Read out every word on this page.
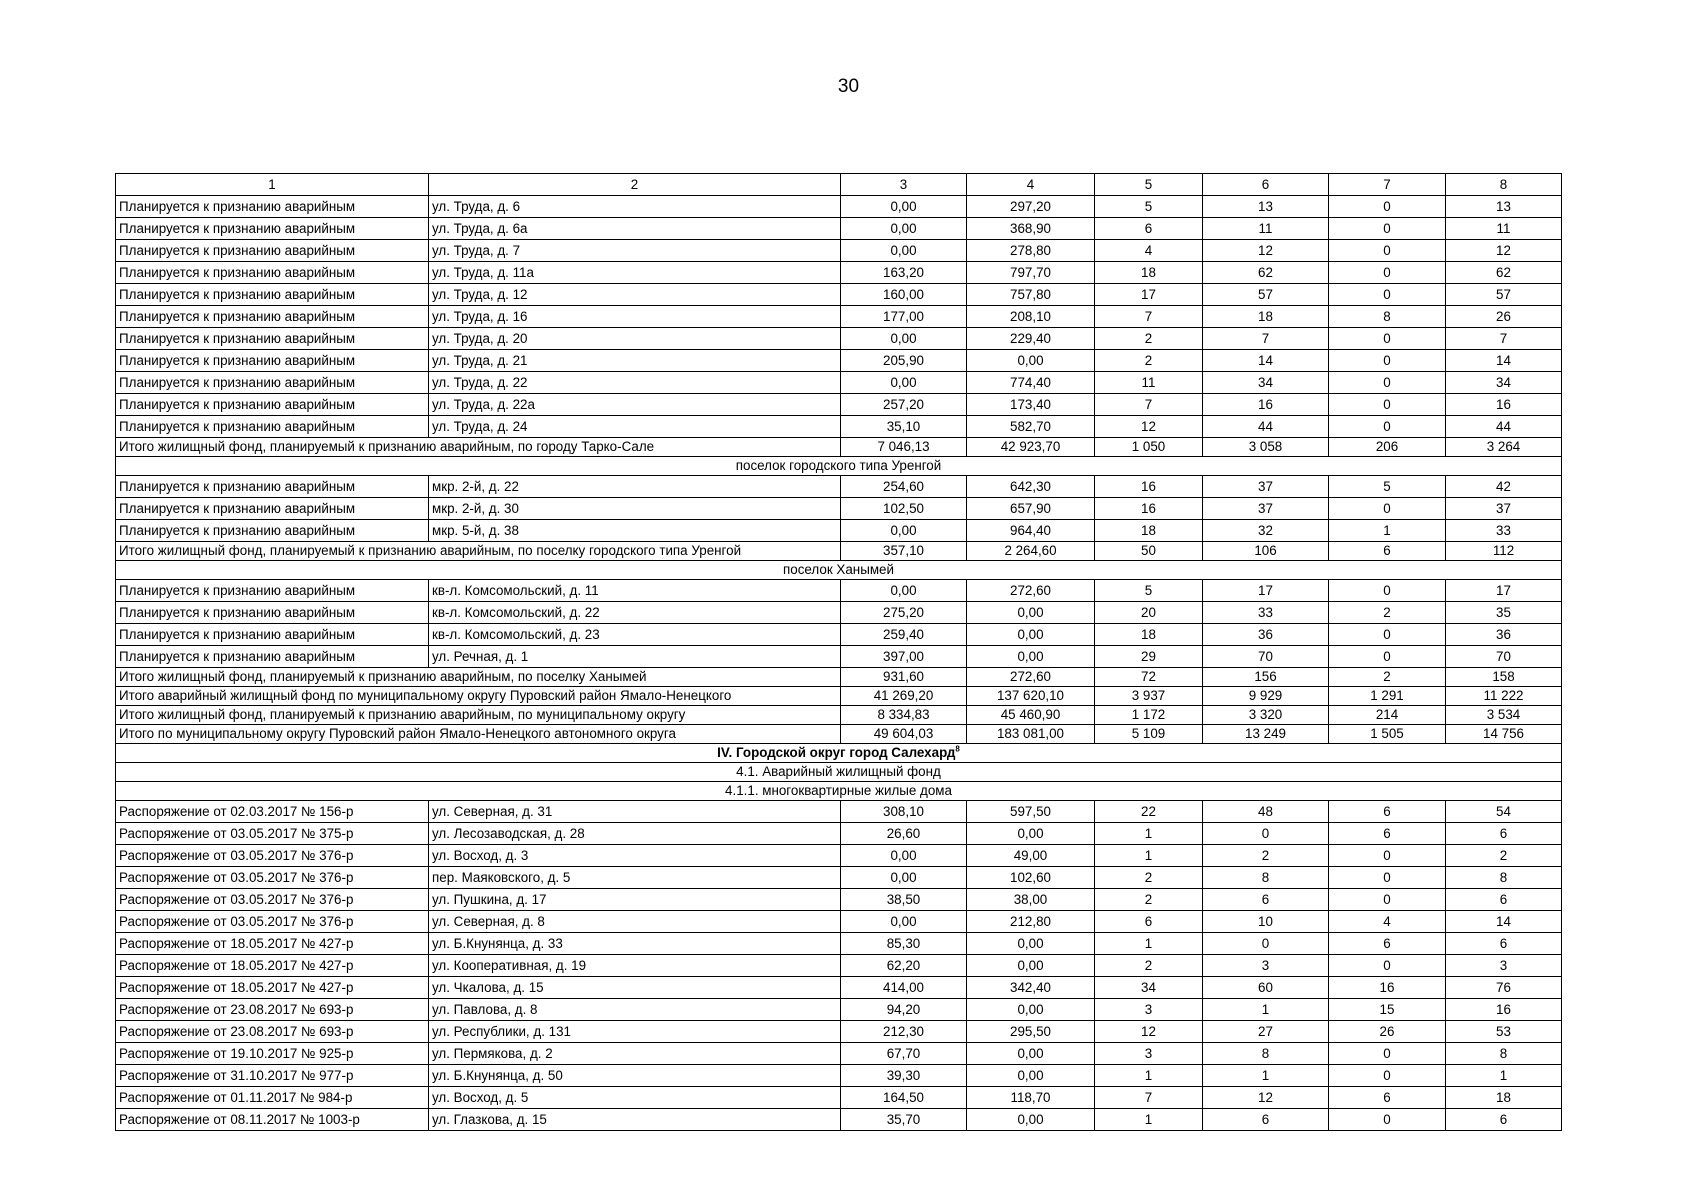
30
1	2	3	4	5	6	7	8
Планируется к признанию аварийным	ул. Труда, д. 6	0,00	297,20	5	13	0	13
Планируется к признанию аварийным	ул. Труда, д. 6а	0,00	368,90	6	11	0	11
Планируется к признанию аварийным	ул. Труда, д. 7	0,00	278,80	4	12	0	12
Планируется к признанию аварийным	ул. Труда, д. 11а	163,20	797,70	18	62	0	62
Планируется к признанию аварийным	ул. Труда, д. 12	160,00	757,80	17	57	0	57
Планируется к признанию аварийным	ул. Труда, д. 16	177,00	208,10	7	18	8	26
Планируется к признанию аварийным	ул. Труда, д. 20	0,00	229,40	2	7	0	7
Планируется к признанию аварийным	ул. Труда, д. 21	205,90	0,00	2	14	0	14
Планируется к признанию аварийным	ул. Труда, д. 22	0,00	774,40	11	34	0	34
Планируется к признанию аварийным	ул. Труда, д. 22а	257,20	173,40	7	16	0	16
Планируется к признанию аварийным	ул. Труда, д. 24	35,10	582,70	12	44	0	44
Итого жилищный фонд, планируемый к признанию аварийным, по городу Тарко-Сале		7 046,13	42 923,70	1 050	3 058	206	3 264
поселок городского типа Уренгой							
Планируется к признанию аварийным	мкр. 2-й, д. 22	254,60	642,30	16	37	5	42
Планируется к признанию аварийным	мкр. 2-й, д. 30	102,50	657,90	16	37	0	37
Планируется к признанию аварийным	мкр. 5-й, д. 38	0,00	964,40	18	32	1	33
Итого жилищный фонд, планируемый к признанию аварийным, по поселку городского типа Уренгой		357,10	2 264,60	50	106	6	112
поселок Ханымей							
Планируется к признанию аварийным	кв-л. Комсомольский, д. 11	0,00	272,60	5	17	0	17
Планируется к признанию аварийным	кв-л. Комсомольский, д. 22	275,20	0,00	20	33	2	35
Планируется к признанию аварийным	кв-л. Комсомольский, д. 23	259,40	0,00	18	36	0	36
Планируется к признанию аварийным	ул. Речная, д. 1	397,00	0,00	29	70	0	70
Итого жилищный фонд, планируемый к признанию аварийным, по поселку Ханымей		931,60	272,60	72	156	2	158
Итого аварийный жилищный фонд по муниципальному округу Пуровский район Ямало-Ненецкого		41 269,20	137 620,10	3 937	9 929	1 291	11 222
Итого жилищный фонд, планируемый к признанию аварийным, по муниципальному округу		8 334,83	45 460,90	1 172	3 320	214	3 534
Итого по муниципальному округу Пуровский район Ямало-Ненецкого автономного округа		49 604,03	183 081,00	5 109	13 249	1 505	14 756
IV. Городской округ город Салехард$^8$
4.1. Аварийный жилищный фонд							
4.1.1. многоквартирные жилые дома							
Распоряжение от 02.03.2017 № 156-р	ул. Северная, д. 31	308,10	597,50	22	48	6	54
Распоряжение от 03.05.2017 № 375-р	ул. Лесозаводская, д. 28	26,60	0,00	1	0	6	6
Распоряжение от 03.05.2017 № 376-р	ул. Восход, д. 3	0,00	49,00	1	2	0	2
Распоряжение от 03.05.2017 № 376-р	пер. Маяковского, д. 5	0,00	102,60	2	8	0	8
Распоряжение от 03.05.2017 № 376-р	ул. Пушкина, д. 17	38,50	38,00	2	6	0	6
Распоряжение от 03.05.2017 № 376-р	ул. Северная, д. 8	0,00	212,80	6	10	4	14
Распоряжение от 18.05.2017 № 427-р	ул. Б.Кнунянца, д. 33	85,30	0,00	1	0	6	6
Распоряжение от 18.05.2017 № 427-р	ул. Кооперативная, д. 19	62,20	0,00	2	3	0	3
Распоряжение от 18.05.2017 № 427-р	ул. Чкалова, д. 15	414,00	342,40	34	60	16	76
Распоряжение от 23.08.2017 № 693-р	ул. Павлова, д. 8	94,20	0,00	3	1	15	16
Распоряжение от 23.08.2017 № 693-р	ул. Республики, д. 131	212,30	295,50	12	27	26	53
Распоряжение от 19.10.2017 № 925-р	ул. Пермякова, д. 2	67,70	0,00	3	8	0	8
Распоряжение от 31.10.2017 № 977-р	ул. Б.Кнунянца, д. 50	39,30	0,00	1	1	0	1
Распоряжение от 01.11.2017 № 984-р	ул. Восход, д. 5	164,50	118,70	7	12	6	18
Распоряжение от 08.11.2017 № 1003-р	ул. Глазкова, д. 15	35,70	0,00	1	6	0	6
